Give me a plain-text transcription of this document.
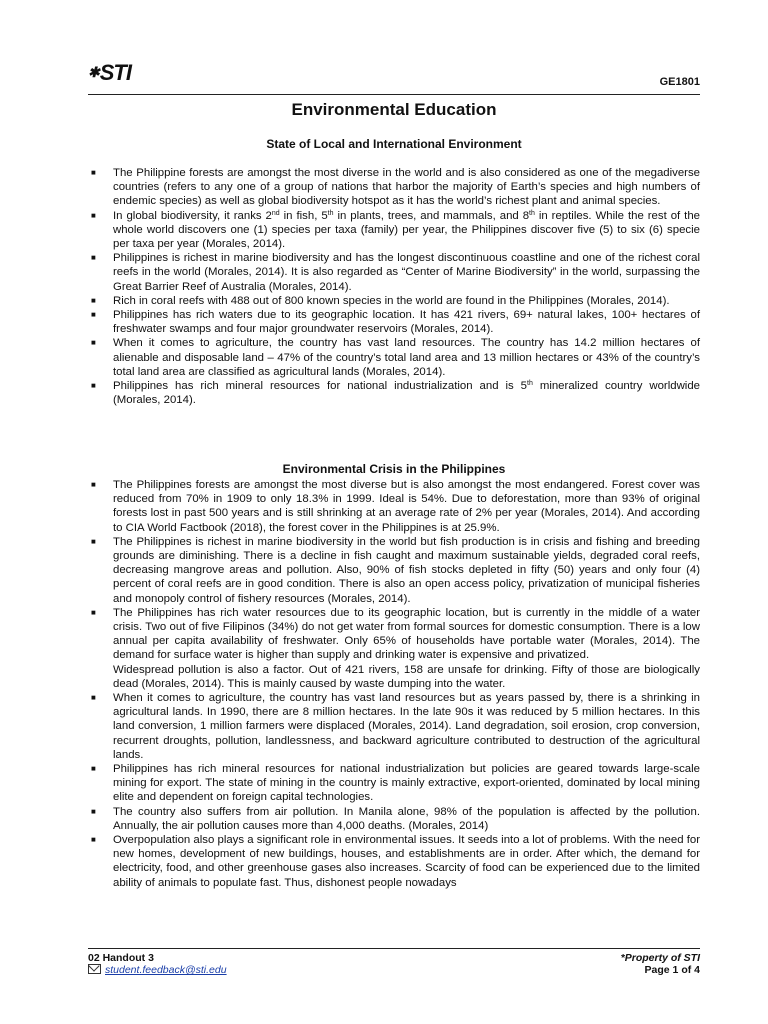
✱STI	GE1801
Environmental Education
State of Local and International Environment
■ The Philippine forests are amongst the most diverse in the world and is also considered as one of the megadiverse countries (refers to any one of a group of nations that harbor the majority of Earth’s species and high numbers of endemic species) as well as global biodiversity hotspot as it has the world’s richest plant and animal species.
■ In global biodiversity, it ranks 2nd in fish, 5th in plants, trees, and mammals, and 8th in reptiles. While the rest of the whole world discovers one (1) species per taxa (family) per year, the Philippines discover five (5) to six (6) specie per taxa per year (Morales, 2014).
■ Philippines is richest in marine biodiversity and has the longest discontinuous coastline and one of the richest coral reefs in the world (Morales, 2014). It is also regarded as “Center of Marine Biodiversity” in the world, surpassing the Great Barrier Reef of Australia (Morales, 2014).
■ Rich in coral reefs with 488 out of 800 known species in the world are found in the Philippines (Morales, 2014).
■ Philippines has rich waters due to its geographic location. It has 421 rivers, 69+ natural lakes, 100+ hectares of freshwater swamps and four major groundwater reservoirs (Morales, 2014).
■ When it comes to agriculture, the country has vast land resources. The country has 14.2 million hectares of alienable and disposable land – 47% of the country’s total land area and 13 million hectares or 43% of the country’s total land area are classified as agricultural lands (Morales, 2014).
■ Philippines has rich mineral resources for national industrialization and is 5th mineralized country worldwide (Morales, 2014).
Environmental Crisis in the Philippines
■ The Philippines forests are amongst the most diverse but is also amongst the most endangered. Forest cover was reduced from 70% in 1909 to only 18.3% in 1999. Ideal is 54%. Due to deforestation, more than 93% of original forests lost in past 500 years and is still shrinking at an average rate of 2% per year (Morales, 2014). And according to CIA World Factbook (2018), the forest cover in the Philippines is at 25.9%.
■ The Philippines is richest in marine biodiversity in the world but fish production is in crisis and fishing and breeding grounds are diminishing. There is a decline in fish caught and maximum sustainable yields, degraded coral reefs, decreasing mangrove areas and pollution. Also, 90% of fish stocks depleted in fifty (50) years and only four (4) percent of coral reefs are in good condition. There is also an open access policy, privatization of municipal fisheries and monopoly control of fishery resources (Morales, 2014).
■ The Philippines has rich water resources due to its geographic location, but is currently in the middle of a water crisis. Two out of five Filipinos (34%) do not get water from formal sources for domestic consumption. There is a low annual per capita availability of freshwater. Only 65% of households have portable water (Morales, 2014). The demand for surface water is higher than supply and drinking water is expensive and privatized.

Widespread pollution is also a factor. Out of 421 rivers, 158 are unsafe for drinking. Fifty of those are biologically dead (Morales, 2014). This is mainly caused by waste dumping into the water.

■ When it comes to agriculture, the country has vast land resources but as years passed by, there is a shrinking in agricultural lands. In 1990, there are 8 million hectares. In the late 90s it was reduced by 5 million hectares. In this land conversion, 1 million farmers were displaced (Morales, 2014). Land degradation, soil erosion, crop conversion, recurrent droughts, pollution, landlessness, and backward agriculture contributed to destruction of the agricultural lands.
■ Philippines has rich mineral resources for national industrialization but policies are geared towards large-scale mining for export. The state of mining in the country is mainly extractive, export-oriented, dominated by local mining elite and dependent on foreign capital technologies.
■ The country also suffers from air pollution. In Manila alone, 98% of the population is affected by the pollution. Annually, the air pollution causes more than 4,000 deaths. (Morales, 2014)
■ Overpopulation also plays a significant role in environmental issues. It seeds into a lot of problems. With the need for new homes, development of new buildings, houses, and establishments are in order. After which, the demand for electricity, food, and other greenhouse gases also increases. Scarcity of food can be experienced due to the limited ability of animals to populate fast. Thus, dishonest people nowadays
02 Handout 3
student.feedback@sti.edu
*Property of STI
Page 1 of 4
